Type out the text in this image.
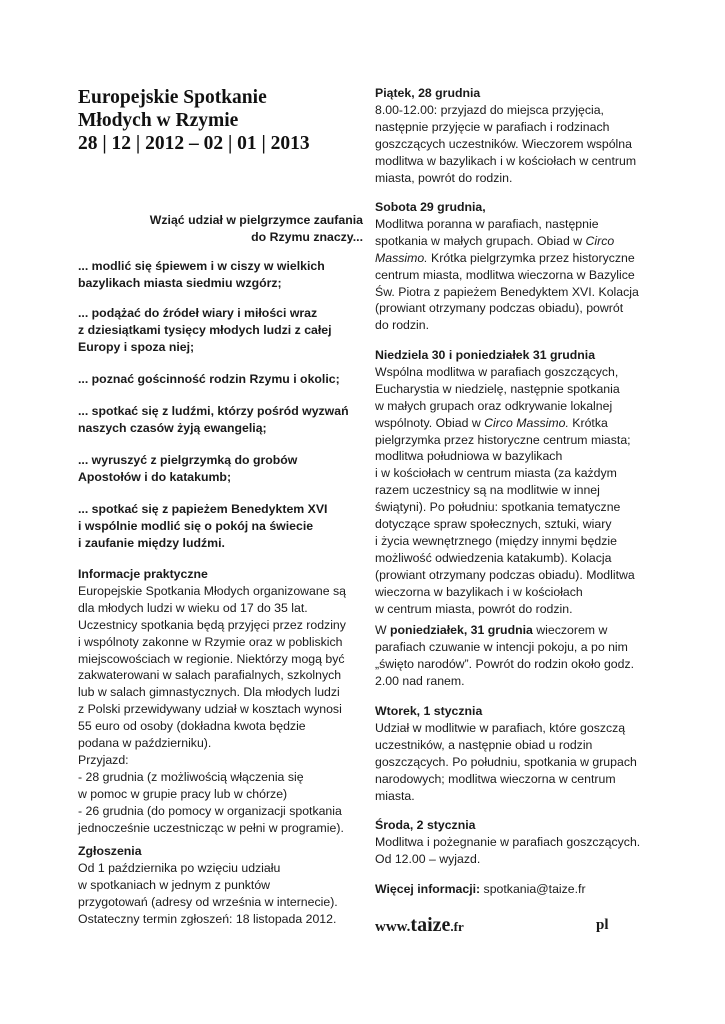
Europejskie Spotkanie
Młodych w Rzymie
28 | 12 | 2012 – 02 | 01 | 2013
Wziąć udział w pielgrzymce zaufania
do Rzymu znaczy...
... modlić się śpiewem i w ciszy w wielkich
bazylikach miasta siedmiu wzgórz;
... podążać do źródeł wiary i miłości wraz
z dziesiątkami tysięcy młodych ludzi z całej
Europy i spoza niej;
... poznać gościnność rodzin Rzymu i okolic;
... spotkać się z ludźmi, którzy pośród wyzwań
naszych czasów żyją ewangelią;
... wyruszyć z pielgrzymką do grobów
Apostołów i do katakumb;
... spotkać się z papieżem Benedyktem XVI
i wspólnie modlić się o pokój na świecie
i zaufanie między ludźmi.
Informacje praktyczne
Europejskie Spotkania Młodych organizowane są
dla młodych ludzi w wieku od 17 do 35 lat.
Uczestnicy spotkania będą przyjęci przez rodziny
i wspólnoty zakonne w Rzymie oraz w pobliskich
miejscowościach w regionie. Niektórzy mogą być
zakwaterowani w salach parafialnych, szkolnych
lub w salach gimnastycznych. Dla młodych ludzi
z Polski przewidywany udział w kosztach wynosi
55 euro od osoby (dokładna kwota będzie
podana w październiku).
Przyjazd:
- 28 grudnia (z możliwością włączenia się
w pomoc w grupie pracy lub w chórze)
- 26 grudnia (do pomocy w organizacji spotkania
jednocześnie uczestnicząc w pełni w programie).
Zgłoszenia
Od 1 października po wzięciu udziału
w spotkaniach w jednym z punktów
przygotowań (adresy od września w internecie).
Ostateczny termin zgłoszeń: 18 listopada 2012.
Piątek, 28 grudnia
8.00-12.00: przyjazd do miejsca przyjęcia,
następnie przyjęcie w parafiach i rodzinach
goszczących uczestników. Wieczorem wspólna
modlitwa w bazylikach i w kościołach w centrum
miasta, powrót do rodzin.
Sobota 29 grudnia,
Modlitwa poranna w parafiach, następnie
spotkania w małych grupach. Obiad w Circo
Massimo. Krótka pielgrzymka przez historyczne
centrum miasta, modlitwa wieczorna w Bazylice
Św. Piotra z papieżem Benedyktem XVI. Kolacja
(prowiant otrzymany podczas obiadu), powrót
do rodzin.
Niedziela 30 i poniedziałek 31 grudnia
Wspólna modlitwa w parafiach goszczących,
Eucharystia w niedzielę, następnie spotkania
w małych grupach oraz odkrywanie lokalnej
wspólnoty. Obiad w Circo Massimo. Krótka
pielgrzymka przez historyczne centrum miasta;
modlitwa południowa w bazylikach
i w kościołach w centrum miasta (za każdym
razem uczestnicy są na modlitwie w innej
świątyni). Po południu: spotkania tematyczne
dotyczące spraw społecznych, sztuki, wiary
i życia wewnętrznego (między innymi będzie
możliwość odwiedzenia katakumb). Kolacja
(prowiant otrzymany podczas obiadu). Modlitwa
wieczorna w bazylikach i w kościołach
w centrum miasta, powrót do rodzin.
W poniedziałek, 31 grudnia wieczorem w
parafiach czuwanie w intencji pokoju, a po nim
„święto narodów”. Powrót do rodzin około godz.
2.00 nad ranem.
Wtorek, 1 stycznia
Udział w modlitwie w parafiach, które goszczą
uczestników, a następnie obiad u rodzin
goszczących. Po południu, spotkania w grupach
narodowych; modlitwa wieczorna w centrum
miasta.
Środa, 2 stycznia
Modlitwa i pożegnanie w parafiach goszczących.
Od 12.00 – wyjazd.
Więcej informacji: spotkania@taize.fr
www.taize.fr	pl
